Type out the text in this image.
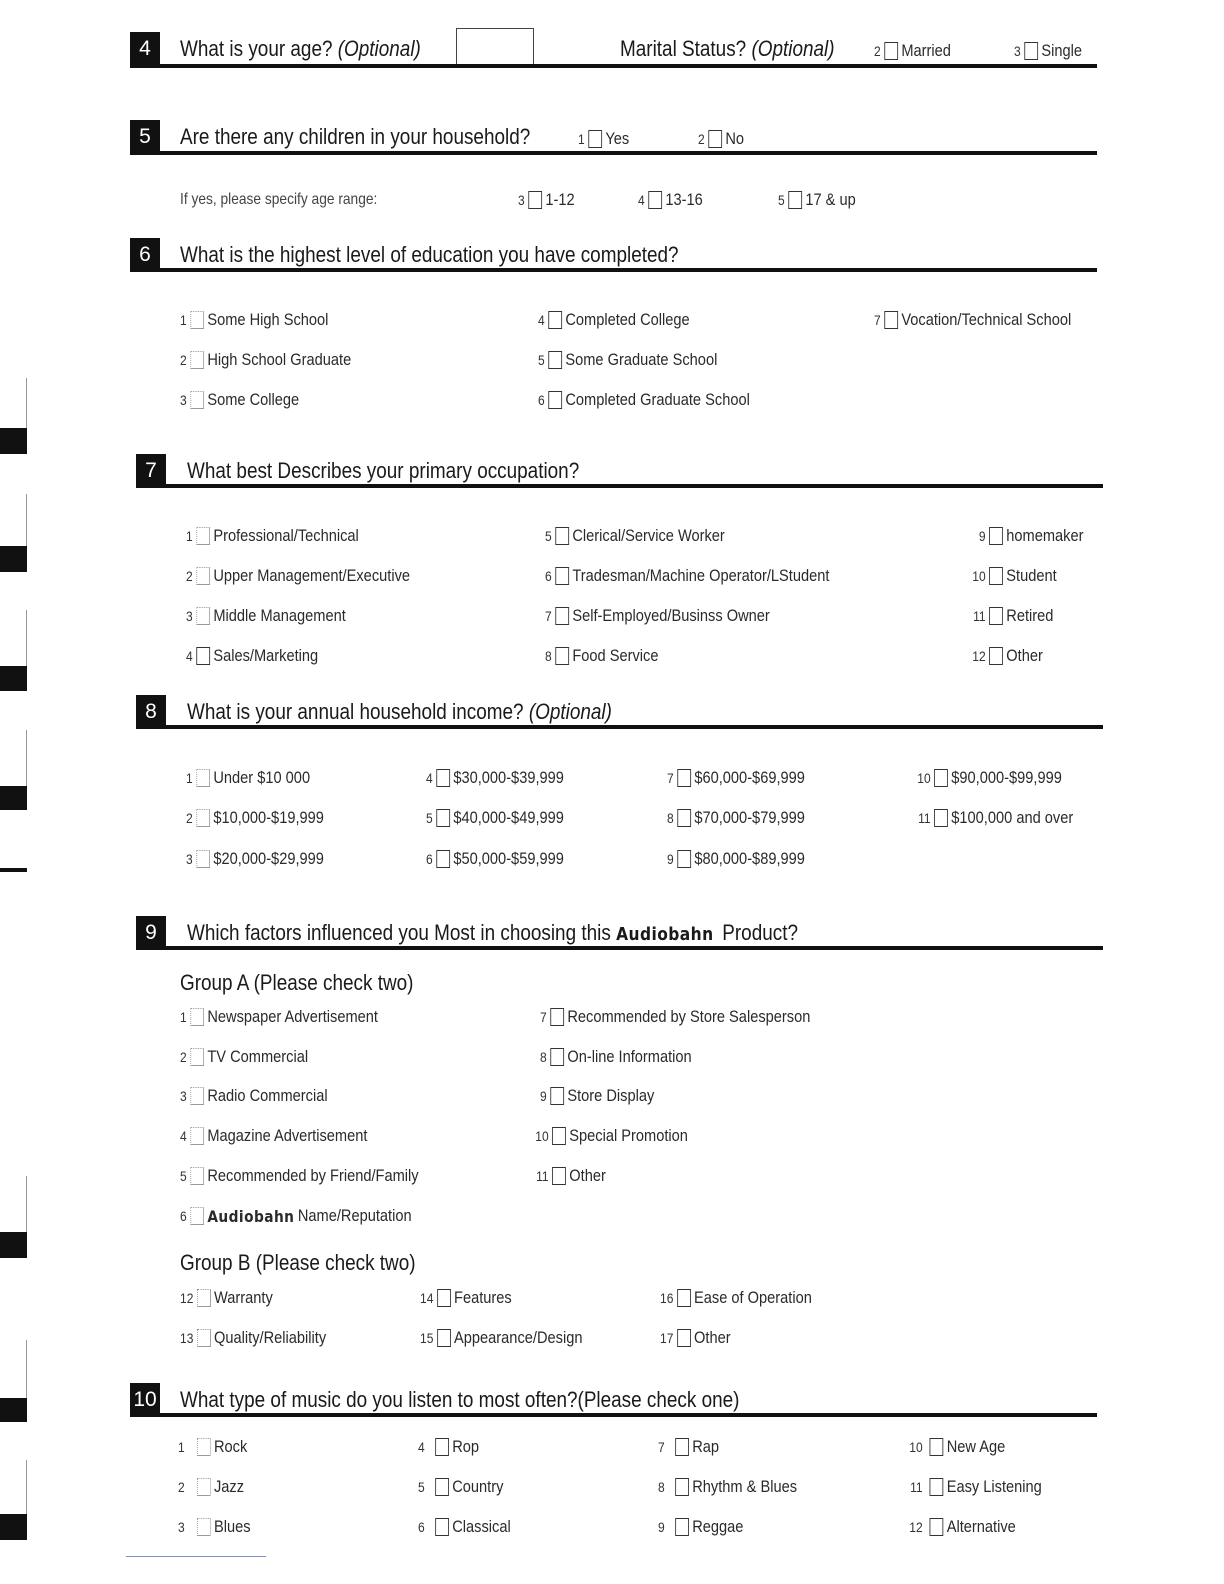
4	What is your age? (Optional)	Marital Status? (Optional)	2 Married	3 Single
5	Are there any children in your household?	1 Yes	2 No
If yes, please specify age range:	3 1-12	4 13-16	5 17 & up
6	What is the highest level of education you have completed?
1 Some High School
2 High School Graduate
3 Some College
4 Completed College
5 Some Graduate School
6 Completed Graduate School
7 Vocation/Technical School
7	What best Describes your primary occupation?
1 Professional/Technical
2 Upper Management/Executive
3 Middle Management
4 Sales/Marketing
5 Clerical/Service Worker
6 Tradesman/Machine Operator/LStudent
7 Self-Employed/Businss Owner
8 Food Service
9 homemaker
10 Student
11 Retired
12 Other
8	What is your annual household income? (Optional)
1 Under $10 000
2 $10,000-$19,999
3 $20,000-$29,999
4 $30,000-$39,999
5 $40,000-$49,999
6 $50,000-$59,999
7 $60,000-$69,999
8 $70,000-$79,999
9 $80,000-$89,999
10 $90,000-$99,999
11 $100,000 and over
9	Which factors influenced you Most in choosing this Audiobahn Product?
Group A (Please check two)
1 Newspaper Advertisement
2 TV Commercial
3 Radio Commercial
4 Magazine Advertisement
5 Recommended by Friend/Family
6 Audiobahn Name/Reputation
7 Recommended by Store Salesperson
8 On-line Information
9 Store Display
10 Special Promotion
11 Other
Group B (Please check two)
12 Warranty
13 Quality/Reliability
14 Features
15 Appearance/Design
16 Ease of Operation
17 Other
10 What type of music do you listen to most often?(Please check one)
1 Rock
2 Jazz
3 Blues
4 Rop
5 Country
6 Classical
7 Rap
8 Rhythm & Blues
9 Reggae
10 New Age
11 Easy Listening
12 Alternative
